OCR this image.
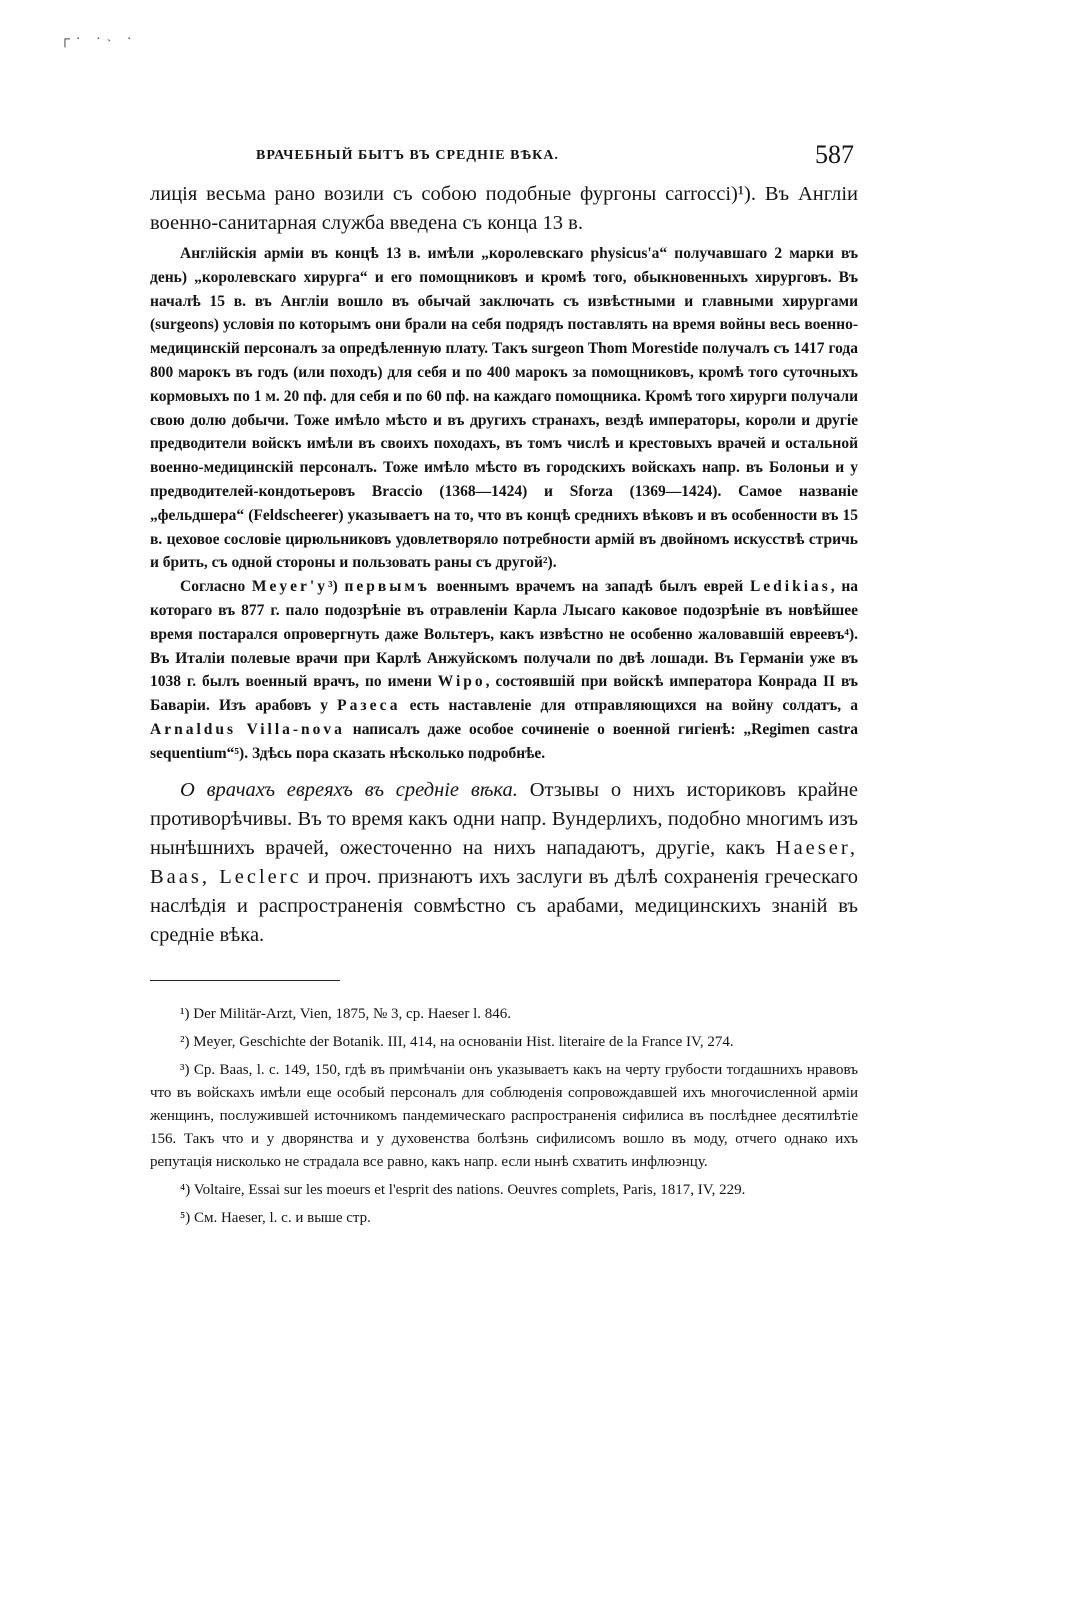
┌· ·˴ ·
ВРАЧЕБНЫЙ БЫТЪ ВЪ СРЕДНІЕ ВѢКА.	587

лиція весьма рано возили съ собою подобные фургоны carrocci)¹). Въ Англіи военно-санитарная служба введена съ конца 13 в.

Англійскія арміи въ концѣ 13 в. имѣли „королевскаго pһуѕісus'a“ получавшаго 2 марки въ день) „королевскаго хирурга“ и его помощниковъ и кромѣ того, обыкновенныхъ хирурговъ. Въ началѣ 15 в. въ Англіи вошло въ обычай заключать съ извѣстными и главными хирургами (surgeons) условія по которымъ они брали на себя подрядъ поставлять на время войны весь военно-медицинскій персоналъ за опредѣленную плату. Такъ surgeon Thom Morestide получалъ съ 1417 года 800 марокъ въ годъ (или походъ) для себя и по 400 марокъ за помощниковъ, кромѣ того суточныхъ кормовыхъ по 1 м. 20 пф. для себя и по 60 пф. на каждаго помощника. Кромѣ того хирурги получали свою долю добычи. Тоже имѣло мѣсто и въ другихъ странахъ, вездѣ императоры, короли и другіе предводители войскъ имѣли въ своихъ походахъ, въ томъ числѣ и крестовыхъ врачей и остальной военно-медицинскій персоналъ. Тоже имѣло мѣсто въ городскихъ войскахъ напр. въ Болоньи и у предводителей-кондотьеровъ Braccio (1368—1424) и Sforza (1369—1424). Самое названіе „фельдшера“ (Feldscheerer) указываетъ на то, что въ концѣ среднихъ вѣковъ и въ особенности въ 15 в. цеховое сословіе цирюльниковъ удовлетворяло потребности армій въ двойномъ искусствѣ стричь и брить, съ одной стороны и пользовать раны съ другой²).

Согласно Meyer'y³) первымъ военнымъ врачемъ на западѣ былъ еврей Ledikias, на котораго въ 877 г. пало подозрѣніе въ отравленіи Карла Лысаго каковое подозрѣніе въ новѣйшее время постарался опровергнуть даже Вольтеръ, какъ извѣстно не особенно жаловавшій евреевъ⁴). Въ Италіи полевые врачи при Карлѣ Анжуйскомъ получали по двѣ лошади. Въ Германіи уже въ 1038 г. былъ военный врачъ, по имени Wipo, состоявшій при войскѣ императора Конрада II въ Баваріи. Изъ арабовъ у Разеса есть наставленіе для отправляющихся на войну солдатъ, а Arnaldus Villa-nova написалъ даже особое сочиненіе о военной гигіенѣ: „Regimen castra sequentium“⁵). Здѣсь пора сказать нѣсколько подробнѣе.

О врачахъ евреяхъ въ средніе вѣка. Отзывы о нихъ историковъ крайне противорѣчивы. Въ то время какъ одни напр. Вундерлихъ, подобно многимъ изъ нынѣшнихъ врачей, ожесточенно на нихъ нападаютъ, другіе, какъ Haeser, Baas, Leclerc и проч. признаютъ ихъ заслуги въ дѣлѣ сохраненія греческаго наслѣдія и распространенія совмѣстно съ арабами, медицинскихъ знаній въ средніе вѣка.

¹) Der Militär-Arzt, Vien, 1875, № 3, cp. Haeser l. 846.

²) Meyer, Geschichte der Botanik. III, 414, на основаніи Hist. literaire de la France IV, 274.

³) Cp. Baas, l. c. 149, 150, гдѣ въ примѣчаніи онъ указываетъ какъ на черту грубости тогдашнихъ нравовъ что въ войскахъ имѣли еще особый персоналъ для соблюденія сопровождавшей ихъ многочисленной арміи женщинъ, послужившей источникомъ пандемическаго распространенія сифилиса въ послѣднее десятилѣтіе 156. Такъ что и у дворянства и у духовенства болѣзнь сифилисомъ вошло въ моду, отчего однако ихъ репутація нисколько не страдала все равно, какъ напр. если нынѣ схватить инфлюэнцу.

⁴) Voltaire, Essai sur les moeurs et l'esprit des nations. Oeuvres complets, Paris, 1817, IV, 229.

⁵) См. Haeser, l. c. и выше стр.
